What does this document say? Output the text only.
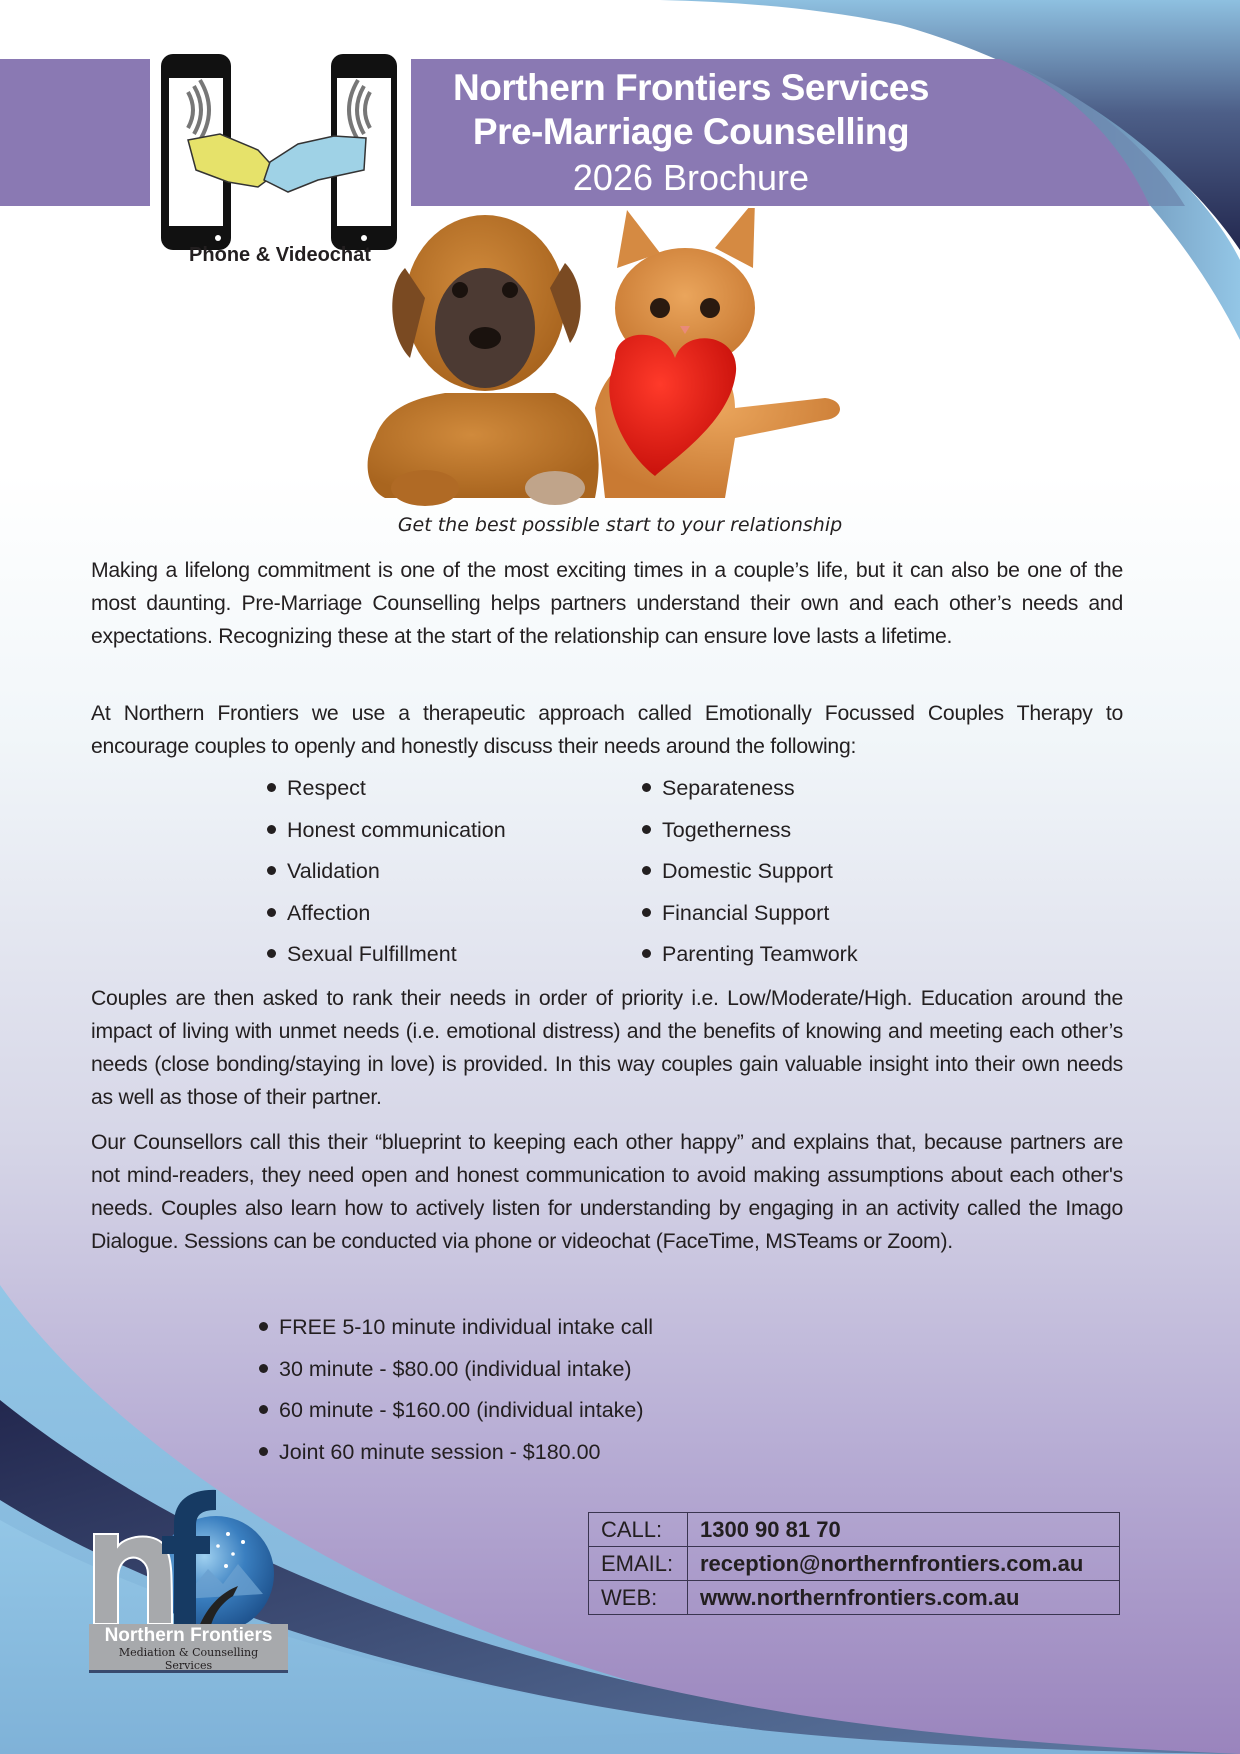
Phone & Videochat
Northern Frontiers Services
Pre-Marriage Counselling
2026 Brochure
Get the best possible start to your relationship

Making a lifelong commitment is one of the most exciting times in a couple’s life, but it can also be one of the most daunting. Pre-Marriage Counselling helps partners understand their own and each other’s needs and expectations. Recognizing these at the start of the relationship can ensure love lasts a lifetime.

At Northern Frontiers we use a therapeutic approach called Emotionally Focussed Couples Therapy to encourage couples to openly and honestly discuss their needs around the following:

Respect
Honest communication
Validation
Affection
Sexual Fulfillment
Separateness
Togetherness
Domestic Support
Financial Support
Parenting Teamwork

Couples are then asked to rank their needs in order of priority i.e. Low/Moderate/High. Education around the impact of living with unmet needs (i.e. emotional distress) and the benefits of knowing and meeting each other’s needs (close bonding/staying in love) is provided. In this way couples gain valuable insight into their own needs as well as those of their partner.

Our Counsellors call this their “blueprint to keeping each other happy” and explains that, because partners are not mind-readers, they need open and honest communication to avoid making assumptions about each other's needs. Couples also learn how to actively listen for understanding by engaging in an activity called the Imago Dialogue. Sessions can be conducted via phone or videochat (FaceTime, MSTeams or Zoom).

FREE 5-10 minute individual intake call
30 minute - $80.00 (individual intake)
60 minute - $160.00 (individual intake)
Joint 60 minute session - $180.00
CALL:	1300 90 81 70
EMAIL:	reception@northernfrontiers.com.au
WEB:	www.northernfrontiers.com.au
Northern Frontiers
Mediation & Counselling
Services
